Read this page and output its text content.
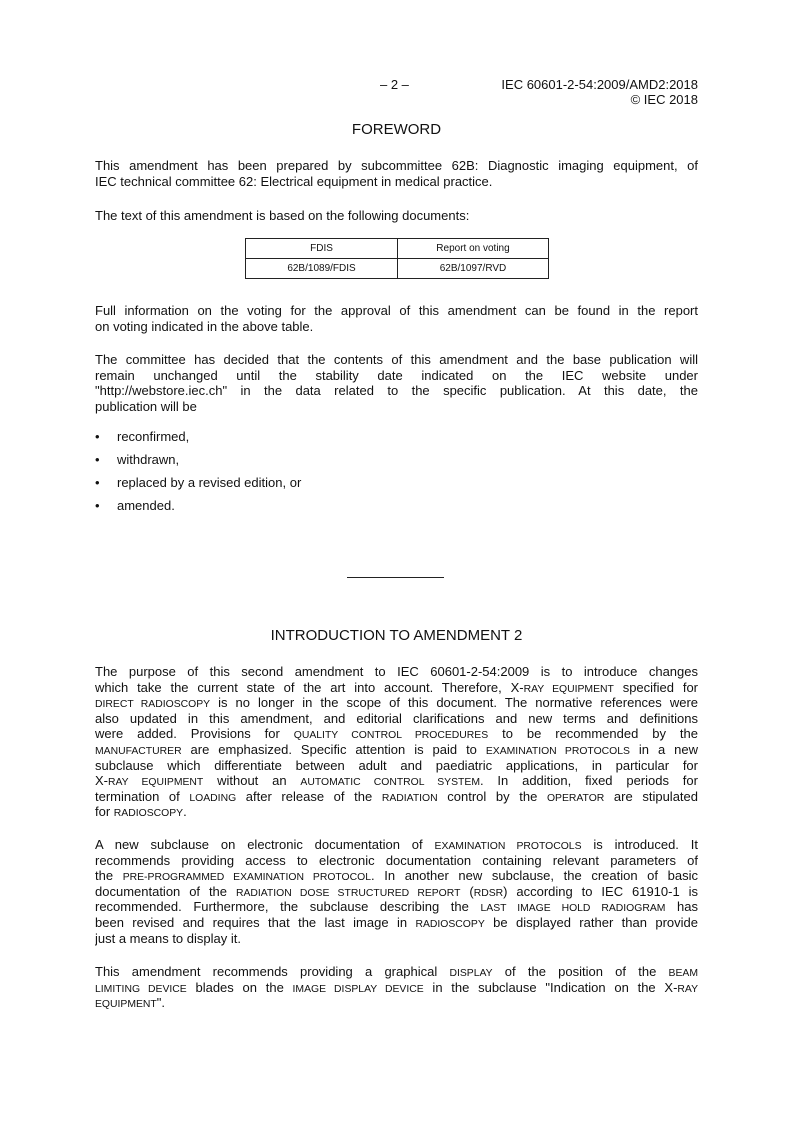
– 2 –	IEC 60601-2-54:2009/AMD2:2018
© IEC 2018
FOREWORD
This amendment has been prepared by subcommittee 62B: Diagnostic imaging equipment, of
IEC technical committee 62: Electrical equipment in medical practice.
The text of this amendment is based on the following documents:
FDIS	Report on voting
62B/1089/FDIS	62B/1097/RVD
Full information on the voting for the approval of this amendment can be found in the report
on voting indicated in the above table.
The committee has decided that the contents of this amendment and the base publication will
remain unchanged until the stability date indicated on the IEC website under
"http://webstore.iec.ch" in the data related to the specific publication. At this date, the
publication will be
• reconfirmed,
• withdrawn,
• replaced by a revised edition, or
• amended.
INTRODUCTION TO AMENDMENT 2
The purpose of this second amendment to IEC 60601-2-54:2009 is to introduce changes
which take the current state of the art into account. Therefore, X-RAY EQUIPMENT specified for
DIRECT RADIOSCOPY is no longer in the scope of this document. The normative references were
also updated in this amendment, and editorial clarifications and new terms and definitions
were added. Provisions for QUALITY CONTROL PROCEDURES to be recommended by the
MANUFACTURER are emphasized. Specific attention is paid to EXAMINATION PROTOCOLS in a new
subclause which differentiate between adult and paediatric applications, in particular for
X-RAY EQUIPMENT without an AUTOMATIC CONTROL SYSTEM. In addition, fixed periods for
termination of LOADING after release of the RADIATION control by the OPERATOR are stipulated
for RADIOSCOPY.
A new subclause on electronic documentation of EXAMINATION PROTOCOLS is introduced. It
recommends providing access to electronic documentation containing relevant parameters of
the PRE-PROGRAMMED EXAMINATION PROTOCOL. In another new subclause, the creation of basic
documentation of the RADIATION DOSE STRUCTURED REPORT (RDSR) according to IEC 61910-1 is
recommended. Furthermore, the subclause describing the LAST IMAGE HOLD RADIOGRAM has
been revised and requires that the last image in RADIOSCOPY be displayed rather than provide
just a means to display it.
This amendment recommends providing a graphical DISPLAY of the position of the BEAM
LIMITING DEVICE blades on the IMAGE DISPLAY DEVICE in the subclause "Indication on the X-RAY
EQUIPMENT".
